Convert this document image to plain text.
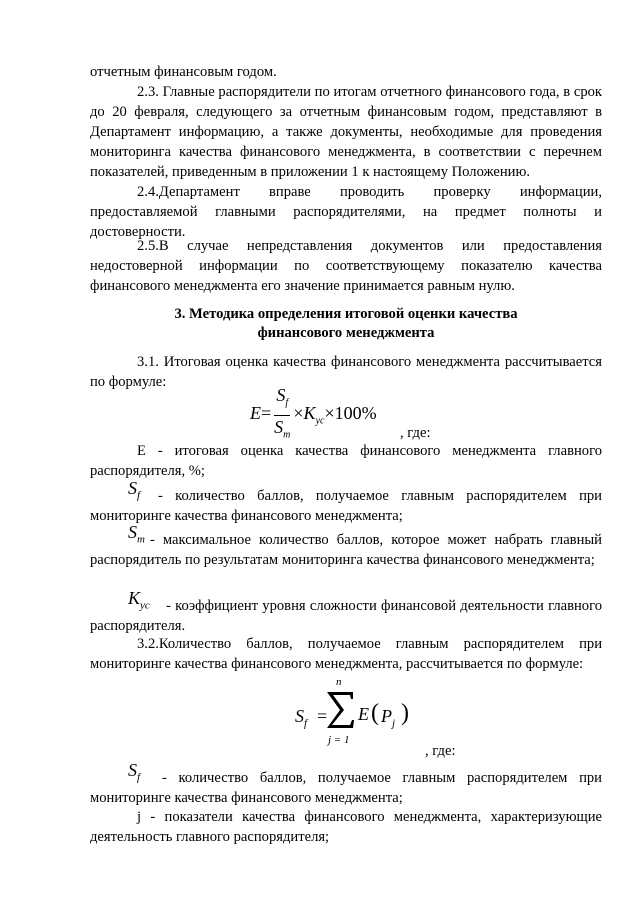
отчетным финансовым годом.

2.3. Главные распорядители по итогам отчетного финансового года, в срок до 20 февраля, следующего за отчетным финансовым годом, представляют в Департамент информацию, а также документы, необходимые для проведения мониторинга качества финансового менеджмента, в соответствии с перечнем показателей, приведенным в приложении 1 к настоящему Положению.

2.4.Департамент вправе проводить проверку информации, предоставляемой главными распорядителями, на предмет полноты и достоверности.

2.5.В случае непредставления документов или предоставления недостоверной информации по соответствующему показателю качества финансового менеджмента его значение принимается равным нулю.

3. Методика определения итоговой оценки качества
финансового менеджмента

3.1. Итоговая оценка качества финансового менеджмента рассчитывается по формуле:

$E= \frac{S_f}{S_m} \times K_{ус}\times 100\%$
, где:

Е - итоговая оценка качества финансового менеджмента главного распорядителя, %;

$S_f$	- количество баллов, получаемое главным распорядителем при мониторинге качества финансового менеджмента;

$S_m$ - максимальное количество баллов, которое может набрать главный распорядитель по результатам мониторинга качества финансового менеджмента;

$K_{ус}$	- коэффициент уровня сложности финансовой деятельности главного распорядителя.

3.2.Количество баллов, получаемое главным распорядителем при мониторинге качества финансового менеджмента, рассчитывается по формуле:

$S_f$ =
n
j = 1
E ( $P_j$ )
, где:
$S_f$	- количество баллов, получаемое главным распорядителем при мониторинге качества финансового менеджмента;

j - показатели качества финансового менеджмента, характеризующие деятельность главного распорядителя;
